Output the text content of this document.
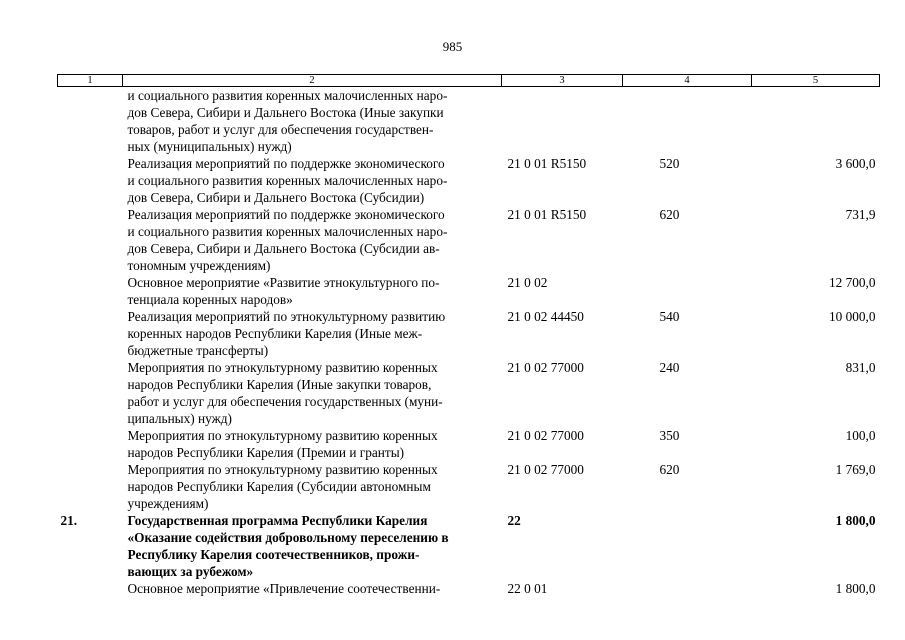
985
1	2	3	4	5

	и социального развития коренных малочисленных наро-
дов Севера, Сибири и Дальнего Востока (Иные закупки
товаров, работ и услуг для обеспечения государствен-
ных (муниципальных) нужд)			

	Реализация мероприятий по поддержке экономического
и социального развития коренных малочисленных наро-
дов Севера, Сибири и Дальнего Востока (Субсидии)	21 0 01 R5150	520	3 600,0

	Реализация мероприятий по поддержке экономического
и социального развития коренных малочисленных наро-
дов Севера, Сибири и Дальнего Востока (Субсидии ав-
тономным учреждениям)	21 0 01 R5150	620	731,9

	Основное мероприятие «Развитие этнокультурного по-
тенциала коренных народов»	21 0 02		12 700,0

	Реализация мероприятий по этнокультурному развитию
коренных народов Республики Карелия (Иные меж-
бюджетные трансферты)	21 0 02 44450	540	10 000,0

	Мероприятия по этнокультурному развитию коренных
народов Республики Карелия (Иные закупки товаров,
работ и услуг для обеспечения государственных (муни-
ципальных) нужд)	21 0 02 77000	240	831,0

	Мероприятия по этнокультурному развитию коренных
народов Республики Карелия (Премии и гранты)	21 0 02 77000	350	100,0

	Мероприятия по этнокультурному развитию коренных
народов Республики Карелия (Субсидии автономным
учреждениям)	21 0 02 77000	620	1 769,0
21.	Государственная программа Республики Карелия
«Оказание содействия добровольному переселению в
Республику Карелия соотечественников, прожи-
вающих за рубежом»	22		1 800,0

	Основное мероприятие «Привлечение соотечественни-	22 0 01		1 800,0
